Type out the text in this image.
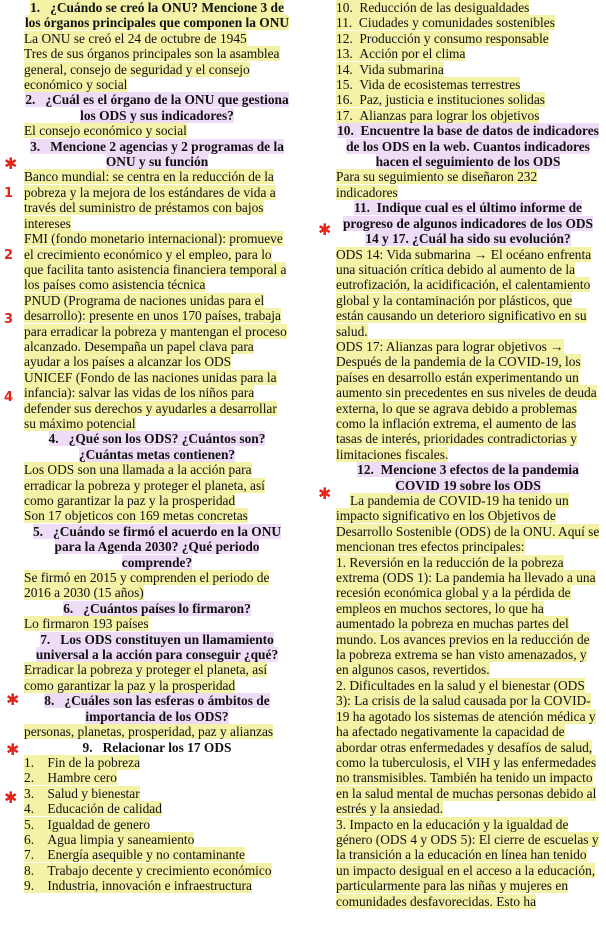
1.   ¿Cuándo se creó la ONU? Mencione 3 de los órganos principales que componen la ONU

La ONU se creó el 24 de octubre de 1945

Tres de sus órganos principales son la asamblea general, consejo de seguridad y el consejo económico y social

2.   ¿Cuál es el órgano de la ONU que gestiona los ODS y sus indicadores?

El consejo económico y social

3.   Mencione 2 agencias y 2 programas de la ONU y su función

Banco mundial: se centra en la reducción de la pobreza y la mejora de los estándares de vida a través del suministro de préstamos con bajos intereses

FMI (fondo monetario internacional): promueve el crecimiento económico y el empleo, para lo que facilita tanto asistencia financiera temporal a los países como asistencia técnica

PNUD (Programa de naciones unidas para el desarrollo): presente en unos 170 países, trabaja para erradicar la pobreza y mantengan el proceso alcanzado. Desempaña un papel clava para ayudar a los países a alcanzar los ODS

UNICEF (Fondo de las naciones unidas para la infancia): salvar las vidas de los niños para defender sus derechos y ayudarles a desarrollar su máximo potencial

4.   ¿Qué son los ODS? ¿Cuántos son? ¿Cuántas metas contienen?

Los ODS son una llamada a la acción para erradicar la pobreza y proteger el planeta, así como garantizar la paz y la prosperidad

Son 17 objeticos con 169 metas concretas

5.   ¿Cuándo se firmó el acuerdo en la ONU para la Agenda 2030? ¿Qué periodo comprende?

Se firmó en 2015 y comprenden el periodo de 2016 a 2030 (15 años)

6.   ¿Cuántos países lo firmaron?

Lo firmaron 193 países

7.   Los ODS constituyen un llamamiento universal a la acción para conseguir ¿qué?

Erradicar la pobreza y proteger el planeta, así como garantizar la paz y la prosperidad

8.   ¿Cuáles son las esferas o ámbitos de importancia de los ODS?

personas, planetas, prosperidad, paz y alianzas

9.   Relacionar los 17 ODS

1.    Fin de la pobreza

2.    Hambre cero

3.    Salud y bienestar

4.    Educación de calidad

5.    Igualdad de genero

6.    Agua limpia y saneamiento

7.    Energía asequible y no contaminante

8.    Trabajo decente y crecimiento económico

9.    Industria, innovación e infraestructura

10.  Reducción de las desigualdades

11.  Ciudades y comunidades sostenibles

12.  Producción y consumo responsable

13.  Acción por el clima

14.  Vida submarina

15.  Vida de ecosistemas terrestres

16.  Paz, justicia e instituciones solidas

17.  Alianzas para lograr los objetivos

10.  Encuentre la base de datos de indicadores de los ODS en la web. Cuantos indicadores hacen el seguimiento de los ODS

Para su seguimiento se diseñaron 232 indicadores

11.  Indique cual es el último informe de progreso de algunos indicadores de los ODS 14 y 17. ¿Cuál ha sido su evolución?

ODS 14: Vida submarina → El océano enfrenta una situación crítica debido al aumento de la eutrofización, la acidificación, el calentamiento global y la contaminación por plásticos, que están causando un deterioro significativo en su salud.

ODS 17: Alianzas para lograr objetivos → Después de la pandemia de la COVID-19, los países en desarrollo están experimentando un aumento sin precedentes en sus niveles de deuda externa, lo que se agrava debido a problemas como la inflación extrema, el aumento de las tasas de interés, prioridades contradictorias y limitaciones fiscales.

12.  Mencione 3 efectos de la pandemia COVID 19 sobre los ODS

La pandemia de COVID-19 ha tenido un impacto significativo en los Objetivos de Desarrollo Sostenible (ODS) de la ONU. Aquí se mencionan tres efectos principales:

1. Reversión en la reducción de la pobreza extrema (ODS 1): La pandemia ha llevado a una recesión económica global y a la pérdida de empleos en muchos sectores, lo que ha aumentado la pobreza en muchas partes del mundo. Los avances previos en la reducción de la pobreza extrema se han visto amenazados, y en algunos casos, revertidos.

2. Dificultades en la salud y el bienestar (ODS 3): La crisis de la salud causada por la COVID-19 ha agotado los sistemas de atención médica y ha afectado negativamente la capacidad de abordar otras enfermedades y desafíos de salud, como la tuberculosis, el VIH y las enfermedades no transmisibles. También ha tenido un impacto en la salud mental de muchas personas debido al estrés y la ansiedad.

3. Impacto en la educación y la igualdad de género (ODS 4 y ODS 5): El cierre de escuelas y la transición a la educación en línea han tenido un impacto desigual en el acceso a la educación, particularmente para las niñas y mujeres en comunidades desfavorecidas. Esto ha

✱
✱
✱
✱
✱
✱
1
2
3
4
